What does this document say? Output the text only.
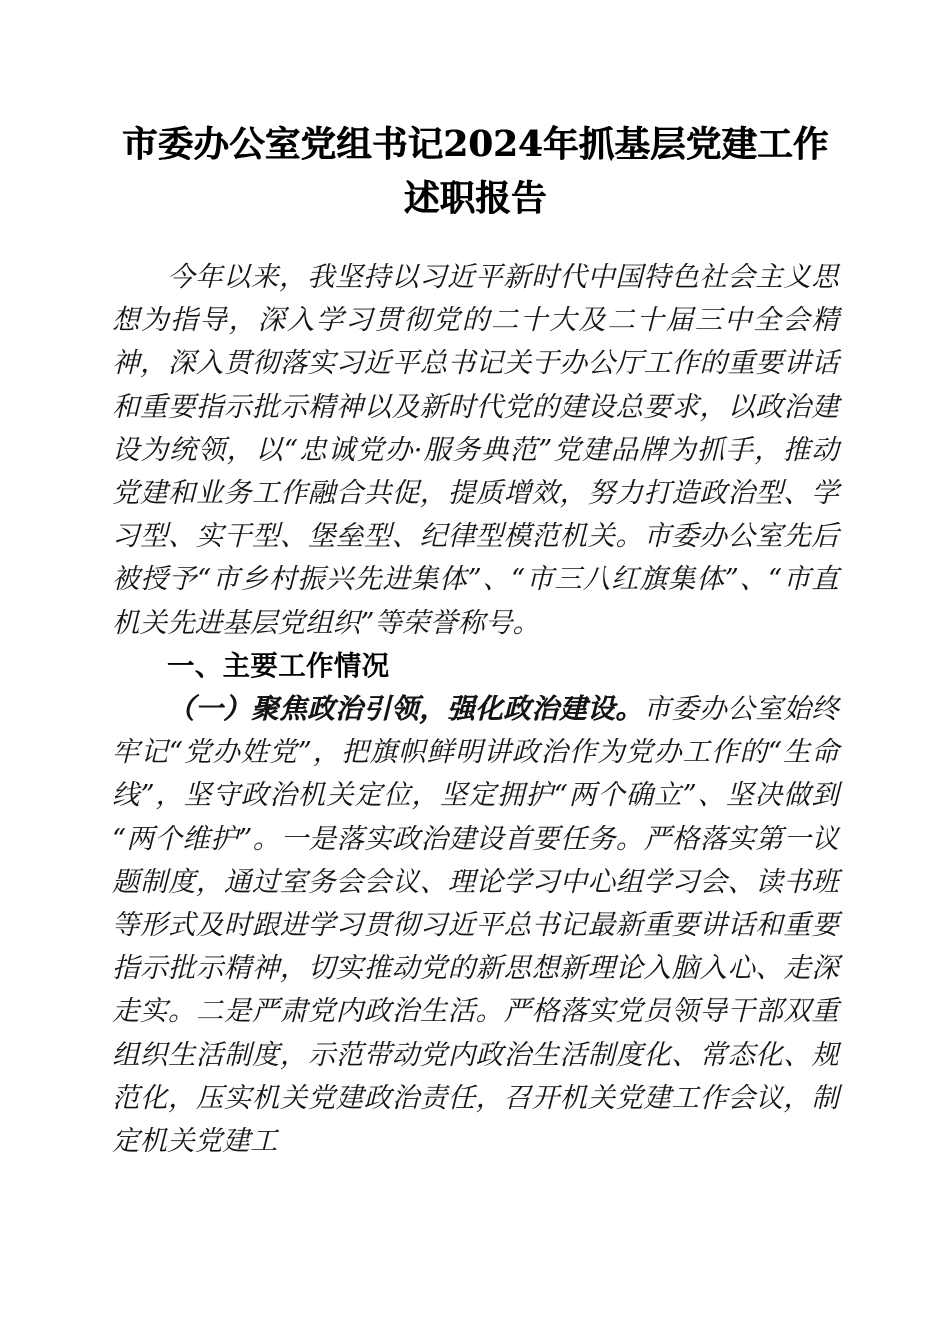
市委办公室党组书记2024年抓基层党建工作
述职报告

今年以来，我坚持以习近平新时代中国特色社会主义思想为指导，深入学习贯彻党的二十大及二十届三中全会精神，深入贯彻落实习近平总书记关于办公厅工作的重要讲话和重要指示批示精神以及新时代党的建设总要求，以政治建设为统领，以“忠诚党办·服务典范”党建品牌为抓手，推动党建和业务工作融合共促，提质增效，努力打造政治型、学习型、实干型、堡垒型、纪律型模范机关。市委办公室先后被授予“市乡村振兴先进集体”、“市三八红旗集体”、“市直机关先进基层党组织”等荣誉称号。

一、主要工作情况

（一）聚焦政治引领，强化政治建设。市委办公室始终牢记“党办姓党”，把旗帜鲜明讲政治作为党办工作的“生命线”，坚守政治机关定位，坚定拥护“两个确立”、坚决做到“两个维护”。一是落实政治建设首要任务。严格落实第一议题制度，通过室务会会议、理论学习中心组学习会、读书班等形式及时跟进学习贯彻习近平总书记最新重要讲话和重要指示批示精神，切实推动党的新思想新理论入脑入心、走深走实。二是严肃党内政治生活。严格落实党员领导干部双重组织生活制度，示范带动党内政治生活制度化、常态化、规范化，压实机关党建政治责任，召开机关党建工作会议，制定机关党建工
